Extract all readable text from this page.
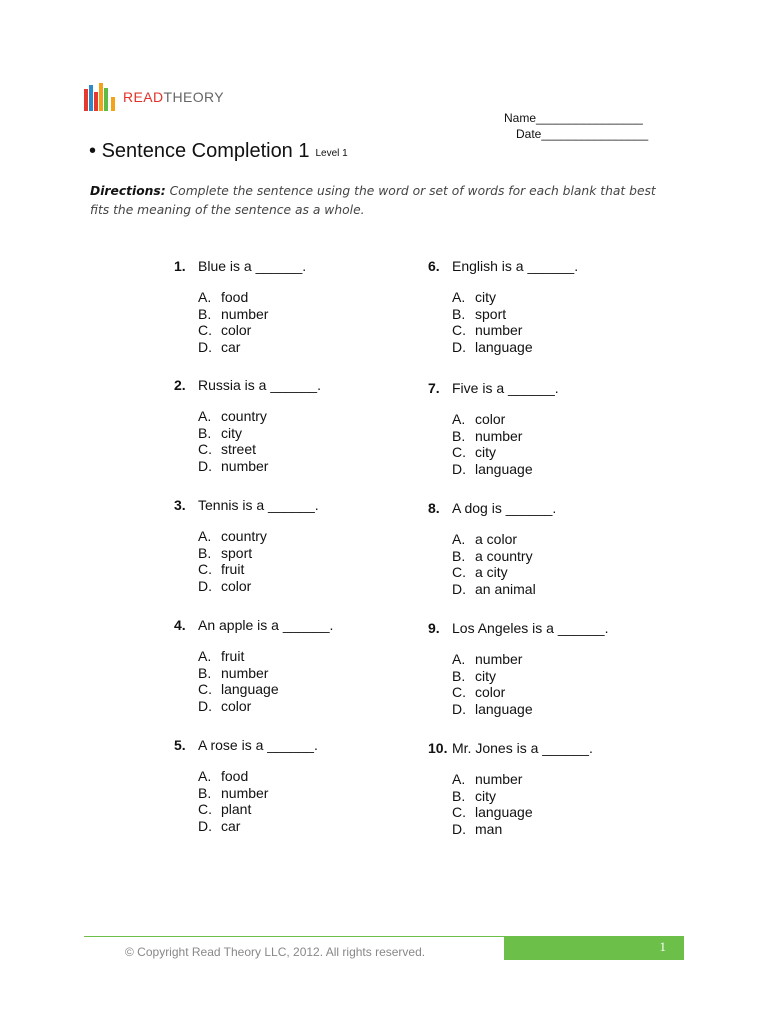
READTHEORY
Name________________
Date________________
• Sentence Completion 1 Level 1
Directions: Complete the sentence using the word or set of words for each blank that best fits the meaning of the sentence as a whole.
1. Blue is a ______.
A. food
B. number
C. color
D. car
2. Russia is a ______.
A. country
B. city
C. street
D. number
3. Tennis is a ______.
A. country
B. sport
C. fruit
D. color
4. An apple is a ______.
A. fruit
B. number
C. language
D. color
5. A rose is a ______.
A. food
B. number
C. plant
D. car
6. English is a ______.
A. city
B. sport
C. number
D. language
7. Five is a ______.
A. color
B. number
C. city
D. language
8. A dog is ______.
A. a color
B. a country
C. a city
D. an animal
9. Los Angeles is a ______.
A. number
B. city
C. color
D. language
10. Mr. Jones is a ______.
A. number
B. city
C. language
D. man
1
© Copyright Read Theory LLC, 2012. All rights reserved.
